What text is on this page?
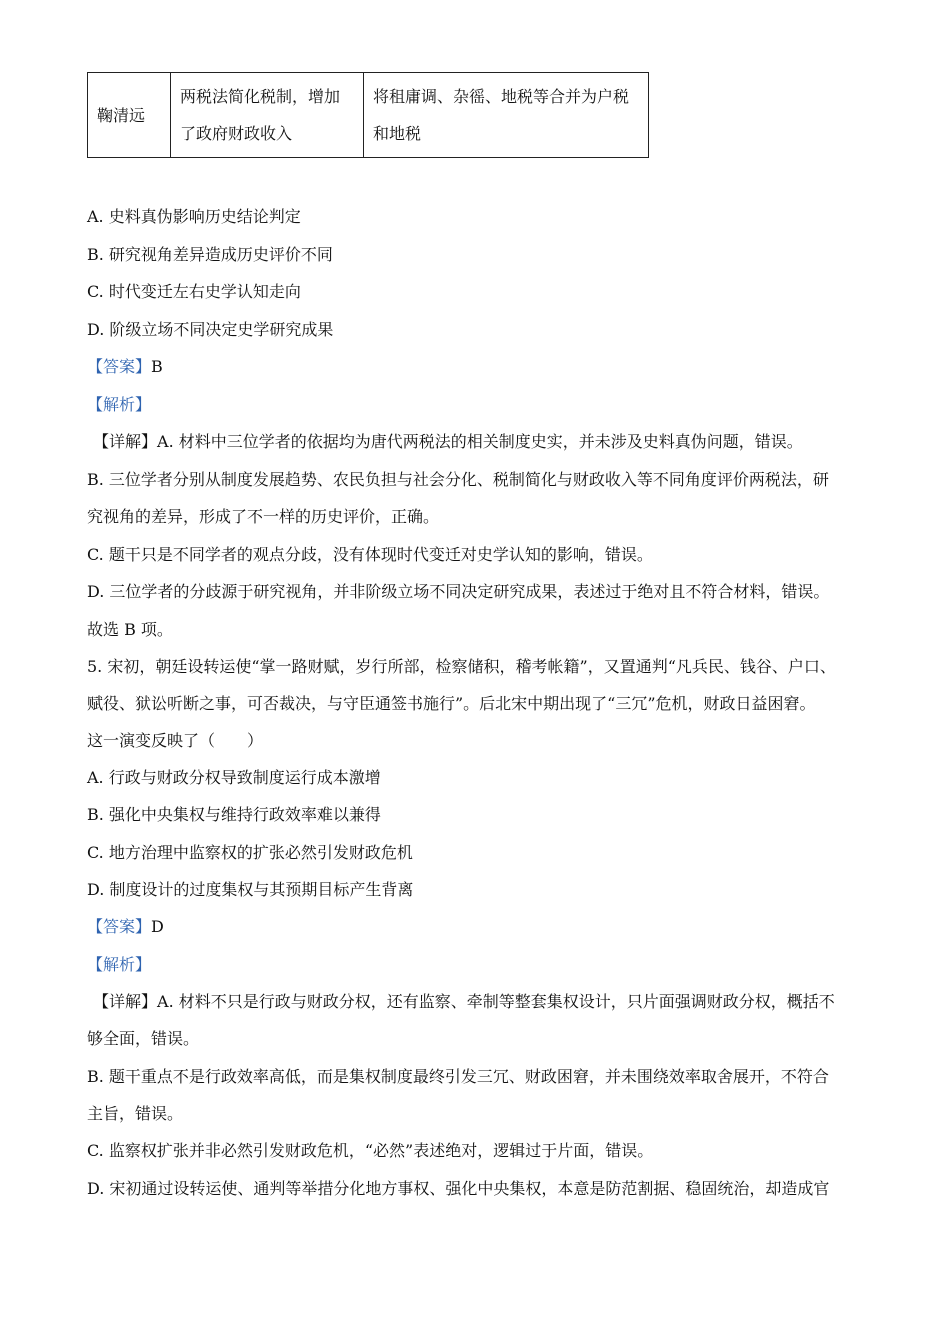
鞠清远	两税法简化税制，增加了政府财政收入	将租庸调、杂徭、地税等合并为户税和地税
A. 史料真伪影响历史结论判定
B. 研究视角差异造成历史评价不同
C. 时代变迁左右史学认知走向
D. 阶级立场不同决定史学研究成果
【答案】B
【解析】
【详解】A. 材料中三位学者的依据均为唐代两税法的相关制度史实，并未涉及史料真伪问题，错误。
B. 三位学者分别从制度发展趋势、农民负担与社会分化、税制简化与财政收入等不同角度评价两税法，研
究视角的差异，形成了不一样的历史评价，正确。
C. 题干只是不同学者的观点分歧，没有体现时代变迁对史学认知的影响，错误。
D. 三位学者的分歧源于研究视角，并非阶级立场不同决定研究成果，表述过于绝对且不符合材料，错误。
故选 B 项。
5. 宋初，朝廷设转运使“掌一路财赋，岁行所部，检察储积，稽考帐籍”，又置通判“凡兵民、钱谷、户口、
赋役、狱讼听断之事，可否裁决，与守臣通签书施行”。后北宋中期出现了“三冗”危机，财政日益困窘。
这一演变反映了（　　）
A. 行政与财政分权导致制度运行成本激增
B. 强化中央集权与维持行政效率难以兼得
C. 地方治理中监察权的扩张必然引发财政危机
D. 制度设计的过度集权与其预期目标产生背离
【答案】D
【解析】
【详解】A. 材料不只是行政与财政分权，还有监察、牵制等整套集权设计，只片面强调财政分权，概括不
够全面，错误。
B. 题干重点不是行政效率高低，而是集权制度最终引发三冗、财政困窘，并未围绕效率取舍展开，不符合
主旨，错误。
C. 监察权扩张并非必然引发财政危机，“必然”表述绝对，逻辑过于片面，错误。
D. 宋初通过设转运使、通判等举措分化地方事权、强化中央集权，本意是防范割据、稳固统治，却造成官
